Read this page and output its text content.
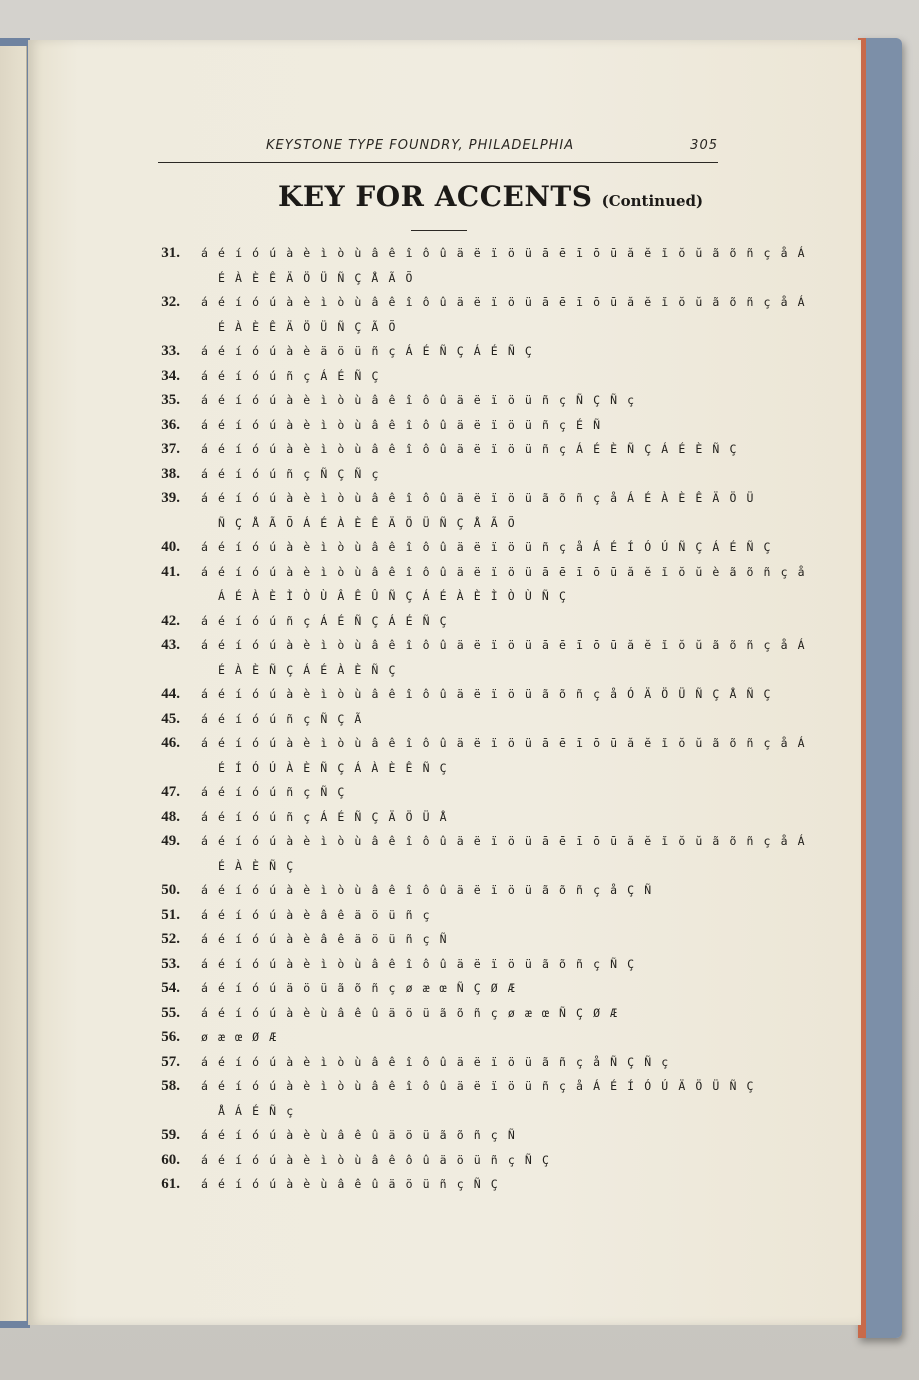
KEYSTONE TYPE FOUNDRY, PHILADELPHIA	305
KEY FOR ACCENTS (Continued)
31. á é í ó ú à è ì ò ù â ê î ô û ä ë ï ö ü ā ē ī ō ū ă ĕ ĭ ŏ ŭ ã õ ñ ç å Á
É À È Ê Ä Ö Ü Ñ Ç Å Ã Õ
32. á é í ó ú à è ì ò ù â ê î ô û ä ë ï ö ü ā ē ī ō ū ă ĕ ĭ ŏ ŭ ã õ ñ ç å Á
É À È Ê Ä Ö Ü Ñ Ç Ã Õ
33. á é í ó ú à è ä ö ü ñ ç Á É Ñ Ç Á É Ñ Ç
34. á é í ó ú ñ ç Á É Ñ Ç
35. á é í ó ú à è ì ò ù â ê î ô û ä ë ï ö ü ñ ç Ñ Ç Ñ ç
36. á é í ó ú à è ì ò ù â ê î ô û ä ë ï ö ü ñ ç É Ñ
37. á é í ó ú à è ì ò ù â ê î ô û ä ë ï ö ü ñ ç Á É È Ñ Ç Á É È Ñ Ç
38. á é í ó ú ñ ç Ñ Ç Ñ ç
39. á é í ó ú à è ì ò ù â ê î ô û ä ë ï ö ü ã õ ñ ç å Á É À È Ê Ä Ö Ü
Ñ Ç Å Ã Õ Á É À È Ê Ä Ö Ü Ñ Ç Å Ã Õ
40. á é í ó ú à è ì ò ù â ê î ô û ä ë ï ö ü ñ ç å Á É Í Ó Ú Ñ Ç Á É Ñ Ç
41. á é í ó ú à è ì ò ù â ê î ô û ä ë ï ö ü ā ē ī ō ū ă ĕ ĭ ŏ ŭ è ã õ ñ ç å
Á É À È Ì Ò Ù Â Ê Û Ñ Ç Á É À È Ì Ò Ù Ñ Ç
42. á é í ó ú ñ ç Á É Ñ Ç Á É Ñ Ç
43. á é í ó ú à è ì ò ù â ê î ô û ä ë ï ö ü ā ē ī ō ū ă ĕ ĭ ŏ ŭ ã õ ñ ç å Á
É À È Ñ Ç Á É À È Ñ Ç
44. á é í ó ú à è ì ò ù â ê î ô û ä ë ï ö ü ã õ ñ ç å Ó Ä Ö Ü Ñ Ç Å Ñ Ç
45. á é í ó ú ñ ç Ñ Ç Ã
46. á é í ó ú à è ì ò ù â ê î ô û ä ë ï ö ü ā ē ī ō ū ă ĕ ĭ ŏ ŭ ã õ ñ ç å Á
É Í Ó Ú À È Ñ Ç Á À È Ê Ñ Ç
47. á é í ó ú ñ ç Ñ Ç
48. á é í ó ú ñ ç Á É Ñ Ç Ä Ö Ü Å
49. á é í ó ú à è ì ò ù â ê î ô û ä ë ï ö ü ā ē ī ō ū ă ĕ ĭ ŏ ŭ ã õ ñ ç å Á
É À È Ñ Ç
50. á é í ó ú à è ì ò ù â ê î ô û ä ë ï ö ü ã õ ñ ç å Ç Ñ
51. á é í ó ú à è â ê ä ö ü ñ ç
52. á é í ó ú à è â ê ä ö ü ñ ç Ñ
53. á é í ó ú à è ì ò ù â ê î ô û ä ë ï ö ü ã õ ñ ç Ñ Ç
54. á é í ó ú ä ö ü ã õ ñ ç ø æ œ Ñ Ç Ø Æ
55. á é í ó ú à è ù â ê û ä ö ü ã õ ñ ç ø æ œ Ñ Ç Ø Æ
56. ø æ œ Ø Æ
57. á é í ó ú à è ì ò ù â ê î ô û ä ë ï ö ü ã ñ ç å Ñ Ç Ñ ç
58. á é í ó ú à è ì ò ù â ê î ô û ä ë ï ö ü ñ ç å Á É Í Ó Ú Ä Ö Ü Ñ Ç
Å Á É Ñ ç
59. á é í ó ú à è ù â ê û ä ö ü ã õ ñ ç Ñ
60. á é í ó ú à è ì ò ù â ê ô û ä ö ü ñ ç Ñ Ç
61. á é í ó ú à è ù â ê û ä ö ü ñ ç Ñ Ç
